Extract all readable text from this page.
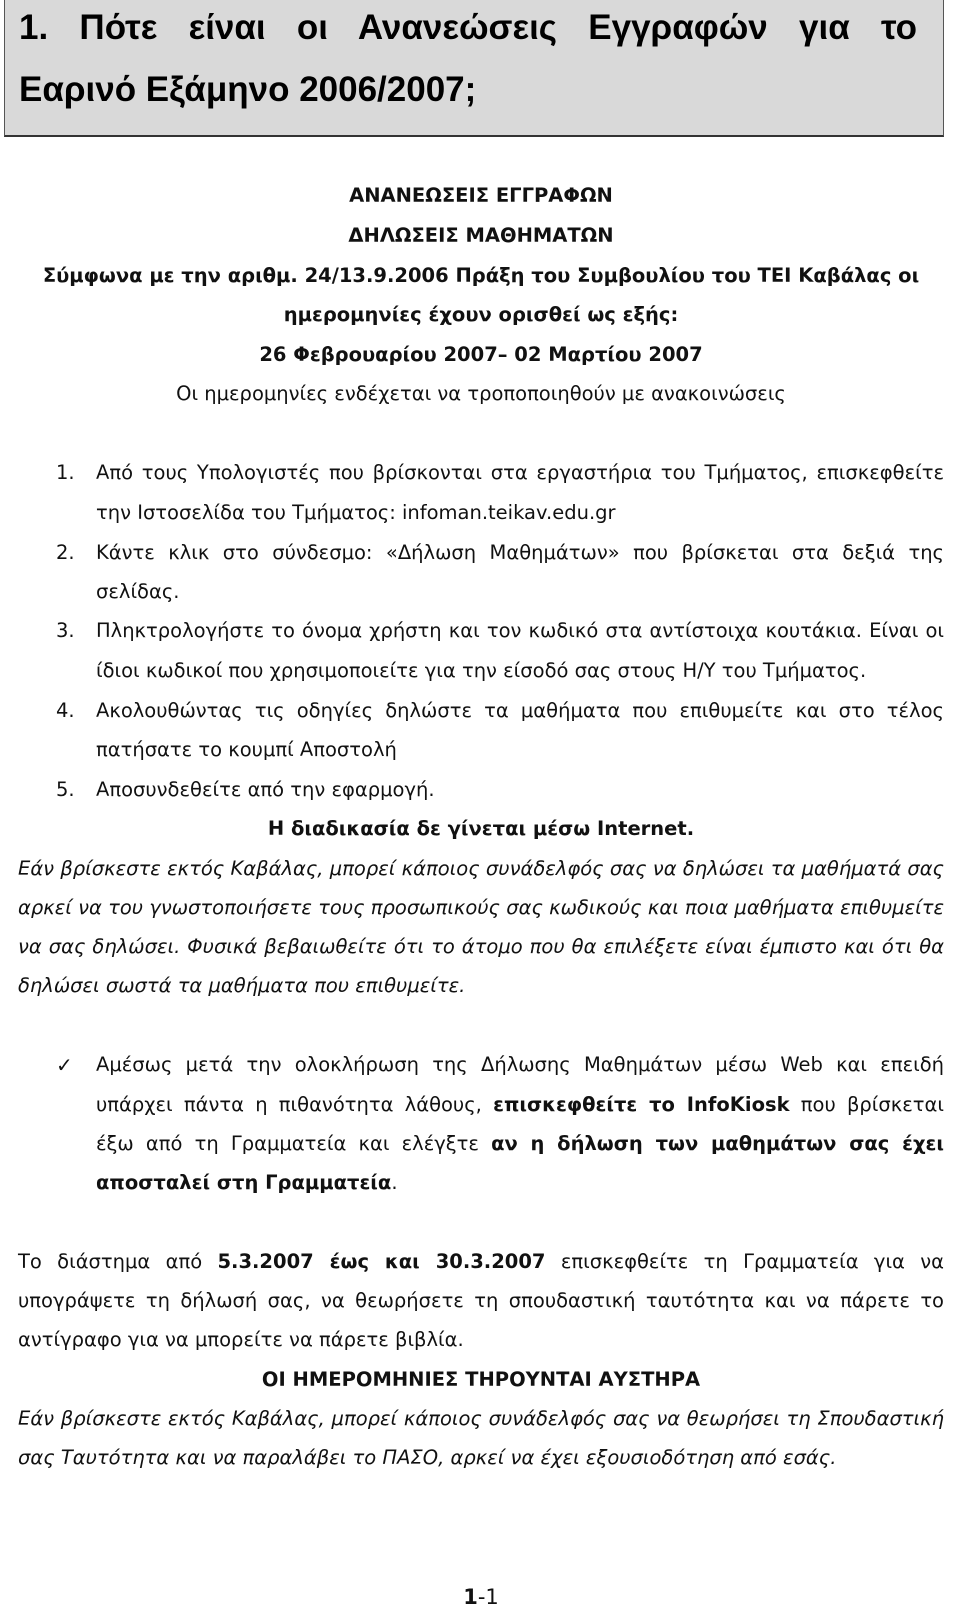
1. Πότε είναι οι Ανανεώσεις Εγγραφών για το
Εαρινό Εξάμηνο 2006/2007;
ΑΝΑΝΕΩΣΕΙΣ ΕΓΓΡΑΦΩΝ
ΔΗΛΩΣΕΙΣ ΜΑΘΗΜΑΤΩΝ
Σύμφωνα με την αριθμ. 24/13.9.2006 Πράξη του Συμβουλίου του ΤΕΙ Καβάλας οι
ημερομηνίες έχουν ορισθεί ως εξής:
26 Φεβρουαρίου 2007– 02 Μαρτίου 2007
Οι ημερομηνίες ενδέχεται να τροποποιηθούν με ανακοινώσεις
1. Από τους Υπολογιστές που βρίσκονται στα εργαστήρια του Τμήματος, επισκεφθείτε
την Ιστοσελίδα του Τμήματος: infoman.teikav.edu.gr
2. Κάντε κλικ στο σύνδεσμο: «Δήλωση Μαθημάτων» που βρίσκεται στα δεξιά της
σελίδας.
3. Πληκτρολογήστε το όνομα χρήστη και τον κωδικό στα αντίστοιχα κουτάκια. Είναι οι
ίδιοι κωδικοί που χρησιμοποιείτε για την είσοδό σας στους Η/Υ του Τμήματος.
4. Ακολουθώντας τις οδηγίες δηλώστε τα μαθήματα που επιθυμείτε και στο τέλος
πατήσατε το κουμπί Αποστολή
5. Αποσυνδεθείτε από την εφαρμογή.
Η διαδικασία δε γίνεται μέσω Internet.
Εάν βρίσκεστε εκτός Καβάλας, μπορεί κάποιος συνάδελφός σας να δηλώσει τα μαθήματά σας
αρκεί να του γνωστοποιήσετε τους προσωπικούς σας κωδικούς και ποια μαθήματα επιθυμείτε
να σας δηλώσει. Φυσικά βεβαιωθείτε ότι το άτομο που θα επιλέξετε είναι έμπιστο και ότι θα
δηλώσει σωστά τα μαθήματα που επιθυμείτε.
✓ Αμέσως μετά την ολοκλήρωση της Δήλωσης Μαθημάτων μέσω Web και επειδή
υπάρχει πάντα η πιθανότητα λάθους, επισκεφθείτε το InfoKiosk που βρίσκεται
έξω από τη Γραμματεία και ελέγξτε αν η δήλωση των μαθημάτων σας έχει
αποσταλεί στη Γραμματεία.
Το διάστημα από 5.3.2007 έως και 30.3.2007 επισκεφθείτε τη Γραμματεία για να
υπογράψετε τη δήλωσή σας, να θεωρήσετε τη σπουδαστική ταυτότητα και να πάρετε το
αντίγραφο για να μπορείτε να πάρετε βιβλία.
ΟΙ ΗΜΕΡΟΜΗΝΙΕΣ ΤΗΡΟΥΝΤΑΙ ΑΥΣΤΗΡΑ
Εάν βρίσκεστε εκτός Καβάλας, μπορεί κάποιος συνάδελφός σας να θεωρήσει τη Σπουδαστική
σας Ταυτότητα και να παραλάβει το ΠΑΣΟ, αρκεί να έχει εξουσιοδότηση από εσάς.
1-1
